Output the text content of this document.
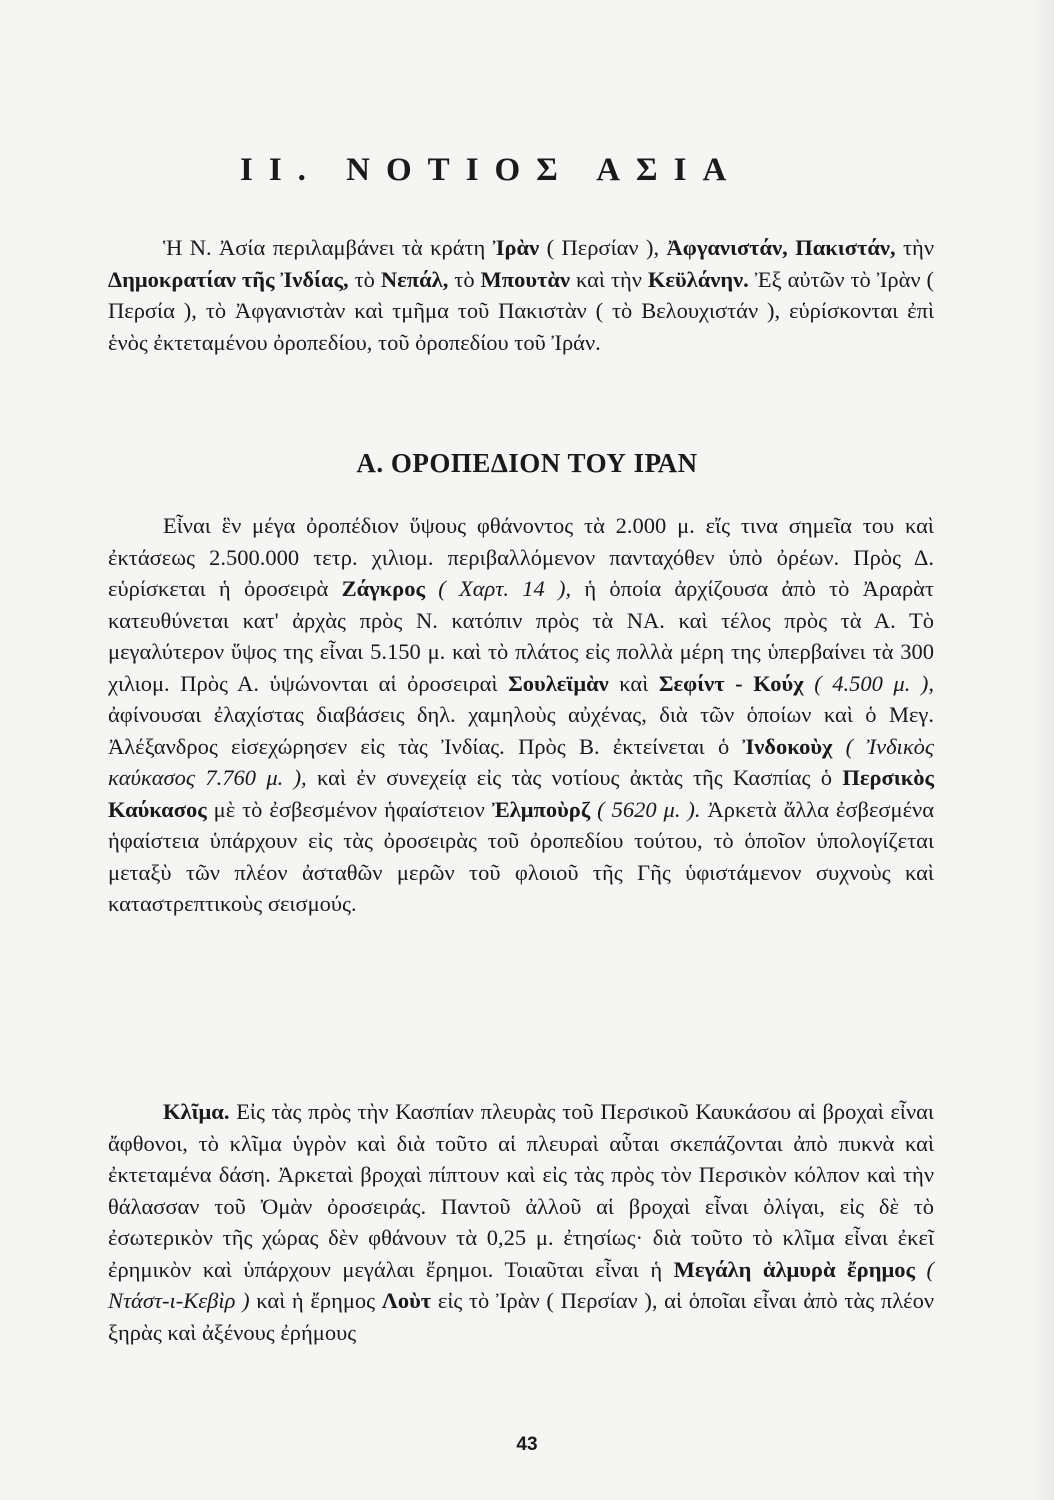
ΙΙ. ΝΟΤΙΟΣ ΑΣΙΑ
Ἡ Ν. Ἀσία περιλαμβάνει τὰ κράτη Ἰρὰν ( Περσίαν ), Ἀφγανιστάν, Πακιστάν, τὴν Δημοκρατίαν τῆς Ἰνδίας, τὸ Νεπάλ, τὸ Μπουτὰν καὶ τὴν Κεϋλάνην. Ἐξ αὐτῶν τὸ Ἰρὰν ( Περσία ), τὸ Ἀφγανιστὰν καὶ τμῆμα τοῦ Πακιστὰν ( τὸ Βελουχιστάν ), εὑρίσκονται ἐπὶ ἑνὸς ἐκτεταμένου ὀροπεδίου, τοῦ ὀροπεδίου τοῦ Ἰράν.
Α. ΟΡΟΠΕΔΙΟΝ ΤΟΥ ΙΡΑΝ
Εἶναι ἓν μέγα ὀροπέδιον ὕψους φθάνοντος τὰ 2.000 μ. εἴς τινα σημεῖα του καὶ ἐκτάσεως 2.500.000 τετρ. χιλιομ. περιβαλλόμενον πανταχόθεν ὑπὸ ὀρέων. Πρὸς Δ. εὑρίσκεται ἡ ὀροσειρὰ Ζάγκρος ( Χαρτ. 14 ), ἡ ὁποία ἀρχίζουσα ἀπὸ τὸ Ἀραρὰτ κατευθύνεται κατ' ἀρχὰς πρὸς Ν. κατόπιν πρὸς τὰ ΝΑ. καὶ τέλος πρὸς τὰ Α. Τὸ μεγαλύτερον ὕψος της εἶναι 5.150 μ. καὶ τὸ πλάτος εἰς πολλὰ μέρη της ὑπερβαίνει τὰ 300 χιλιομ. Πρὸς Α. ὑψώνονται αἱ ὀροσειραὶ Σουλεϊμὰν καὶ Σεφίντ - Κούχ ( 4.500 μ. ), ἀφίνουσαι ἐλαχίστας διαβάσεις δηλ. χαμηλοὺς αὐχένας, διὰ τῶν ὁποίων καὶ ὁ Μεγ. Ἀλέξανδρος εἰσεχώρησεν εἰς τὰς Ἰνδίας. Πρὸς Β. ἐκτείνεται ὁ Ἰνδοκοὺχ ( Ἰνδικὸς καύκασος 7.760 μ. ), καὶ ἐν συνεχείᾳ εἰς τὰς νοτίους ἀκτὰς τῆς Κασπίας ὁ Περσικὸς Καύκασος μὲ τὸ ἐσβεσμένον ἡφαίστειον Ἐλμποὺρζ ( 5620 μ. ). Ἀρκετὰ ἄλλα ἐσβεσμένα ἡφαίστεια ὑπάρχουν εἰς τὰς ὀροσειρὰς τοῦ ὀροπεδίου τούτου, τὸ ὁποῖον ὑπολογίζεται μεταξὺ τῶν πλέον ἀσταθῶν μερῶν τοῦ φλοιοῦ τῆς Γῆς ὑφιστάμενον συχνοὺς καὶ καταστρεπτικοὺς σεισμούς.
Κλῖμα. Εἰς τὰς πρὸς τὴν Κασπίαν πλευρὰς τοῦ Περσικοῦ Καυκάσου αἱ βροχαὶ εἶναι ἄφθονοι, τὸ κλῖμα ὑγρὸν καὶ διὰ τοῦτο αἱ πλευραὶ αὗται σκεπάζονται ἀπὸ πυκνὰ καὶ ἐκτεταμένα δάση. Ἀρκεταὶ βροχαὶ πίπτουν καὶ εἰς τὰς πρὸς τὸν Περσικὸν κόλπον καὶ τὴν θάλασσαν τοῦ Ὀμὰν ὀροσειράς. Παντοῦ ἀλλοῦ αἱ βροχαὶ εἶναι ὀλίγαι, εἰς δὲ τὸ ἐσωτερικὸν τῆς χώρας δὲν φθάνουν τὰ 0,25 μ. ἐτησίως· διὰ τοῦτο τὸ κλῖμα εἶναι ἐκεῖ ἐρημικὸν καὶ ὑπάρχουν μεγάλαι ἔρημοι. Τοιαῦται εἶναι ἡ Μεγάλη ἁλμυρὰ ἔρημος ( Ντάστ-ι-Κεβὶρ ) καὶ ἡ ἔρημος Λοὺτ εἰς τὸ Ἰρὰν ( Περσίαν ), αἱ ὁποῖαι εἶναι ἀπὸ τὰς πλέον ξηρὰς καὶ ἀξένους ἐρήμους
43
